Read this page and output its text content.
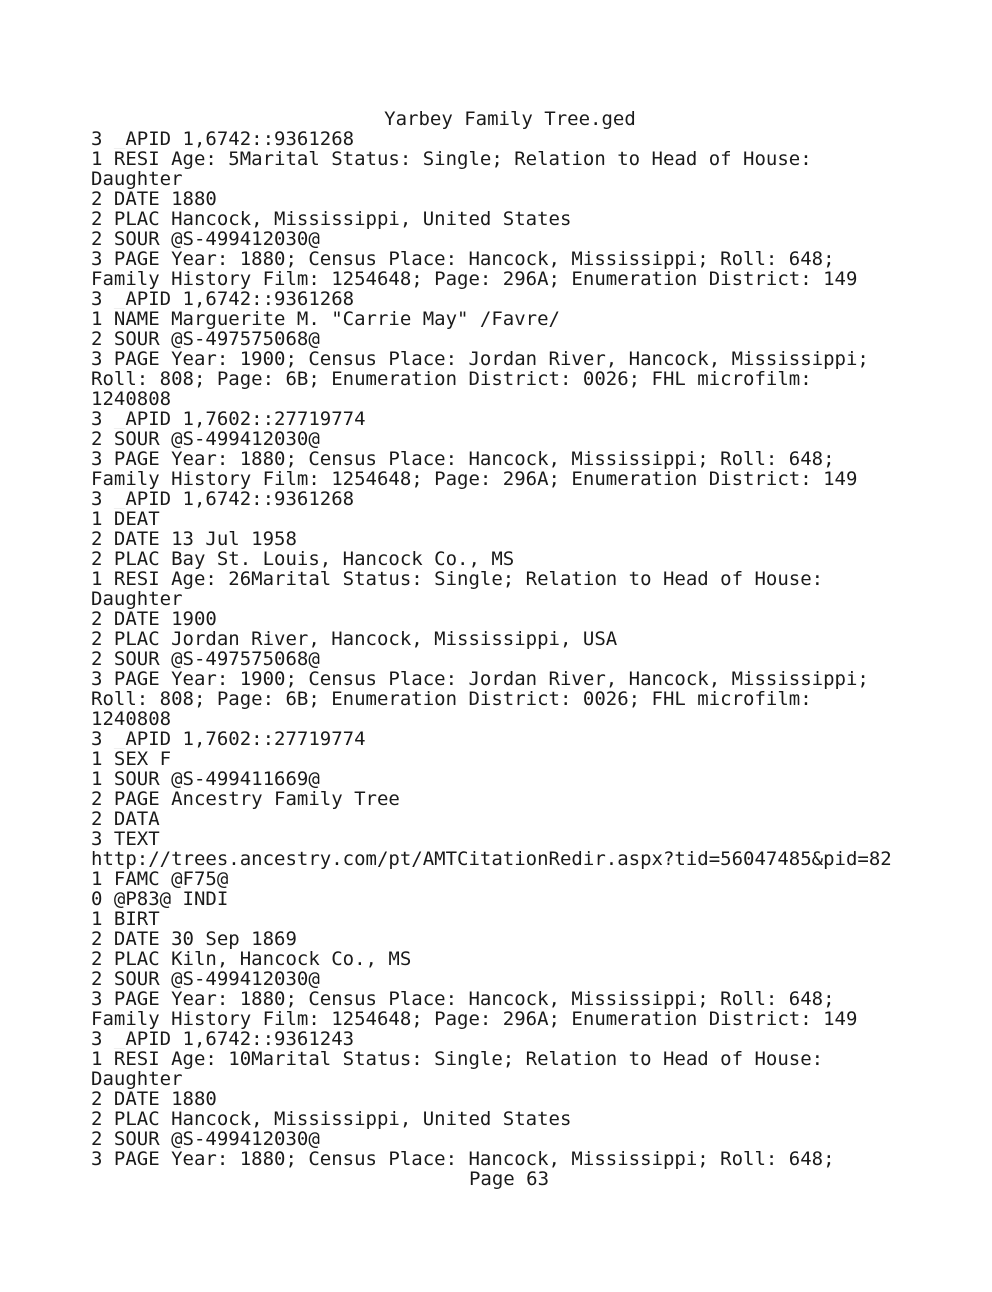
Yarbey Family Tree.ged
3 _APID 1,6742::9361268
1 RESI Age: 5Marital Status: Single; Relation to Head of House:
Daughter
2 DATE 1880
2 PLAC Hancock, Mississippi, United States
2 SOUR @S-499412030@
3 PAGE Year: 1880; Census Place: Hancock, Mississippi; Roll: 648;
Family History Film: 1254648; Page: 296A; Enumeration District: 149
3 _APID 1,6742::9361268
1 NAME Marguerite M. "Carrie May" /Favre/
2 SOUR @S-497575068@
3 PAGE Year: 1900; Census Place: Jordan River, Hancock, Mississippi;
Roll: 808; Page: 6B; Enumeration District: 0026; FHL microfilm:
1240808
3 _APID 1,7602::27719774
2 SOUR @S-499412030@
3 PAGE Year: 1880; Census Place: Hancock, Mississippi; Roll: 648;
Family History Film: 1254648; Page: 296A; Enumeration District: 149
3 _APID 1,6742::9361268
1 DEAT
2 DATE 13 Jul 1958
2 PLAC Bay St. Louis, Hancock Co., MS
1 RESI Age: 26Marital Status: Single; Relation to Head of House:
Daughter
2 DATE 1900
2 PLAC Jordan River, Hancock, Mississippi, USA
2 SOUR @S-497575068@
3 PAGE Year: 1900; Census Place: Jordan River, Hancock, Mississippi;
Roll: 808; Page: 6B; Enumeration District: 0026; FHL microfilm:
1240808
3 _APID 1,7602::27719774
1 SEX F
1 SOUR @S-499411669@
2 PAGE Ancestry Family Tree
2 DATA
3 TEXT
http://trees.ancestry.com/pt/AMTCitationRedir.aspx?tid=56047485&pid=82
1 FAMC @F75@
0 @P83@ INDI
1 BIRT
2 DATE 30 Sep 1869
2 PLAC Kiln, Hancock Co., MS
2 SOUR @S-499412030@
3 PAGE Year: 1880; Census Place: Hancock, Mississippi; Roll: 648;
Family History Film: 1254648; Page: 296A; Enumeration District: 149
3 _APID 1,6742::9361243
1 RESI Age: 10Marital Status: Single; Relation to Head of House:
Daughter
2 DATE 1880
2 PLAC Hancock, Mississippi, United States
2 SOUR @S-499412030@
3 PAGE Year: 1880; Census Place: Hancock, Mississippi; Roll: 648;
Page 63
